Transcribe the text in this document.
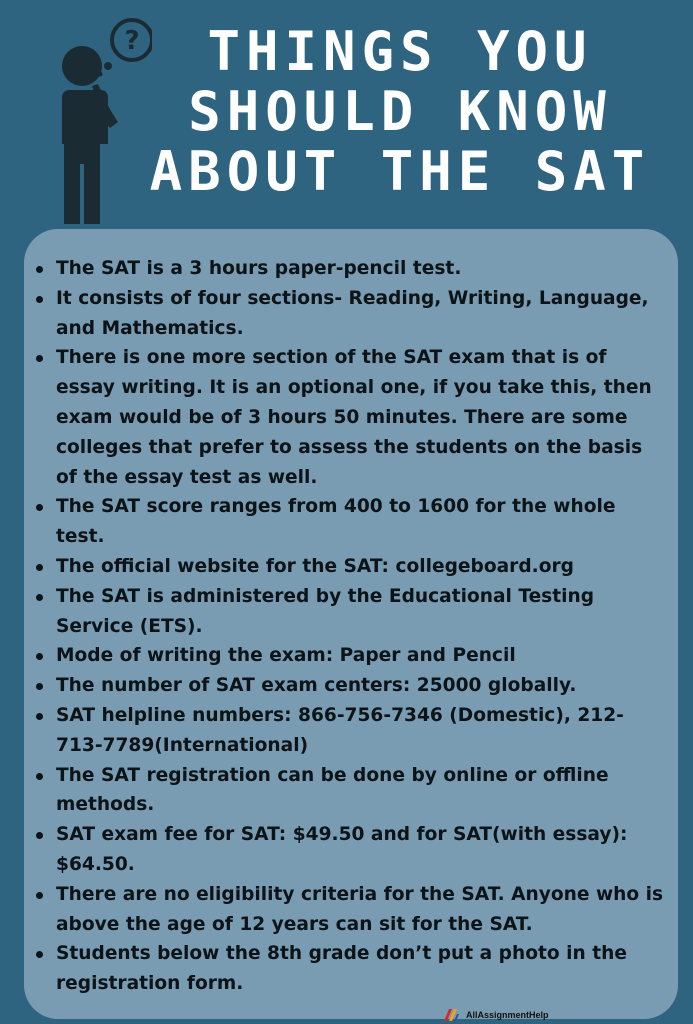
?	THINGS YOU
SHOULD KNOW
ABOUT THE SAT
The SAT is a 3 hours paper-pencil test.
It consists of four sections- Reading, Writing, Language, and Mathematics.
There is one more section of the SAT exam that is of essay writing. It is an optional one, if you take this, then exam would be of 3 hours 50 minutes. There are some colleges that prefer to assess the students on the basis of the essay test as well.
The SAT score ranges from 400 to 1600 for the whole test.
The official website for the SAT: collegeboard.org
The SAT is administered by the Educational Testing Service (ETS).
Mode of writing the exam: Paper and Pencil
The number of SAT exam centers: 25000 globally.
SAT helpline numbers: 866-756-7346 (Domestic), 212-713-7789(International)
The SAT registration can be done by online or offline methods.
SAT exam fee for SAT: $49.50 and for SAT(with essay): $64.50.
There are no eligibility criteria for the SAT. Anyone who is above the age of 12 years can sit for the SAT.
Students below the 8th grade don’t put a photo in the registration form.
AllAssignmentHelp
